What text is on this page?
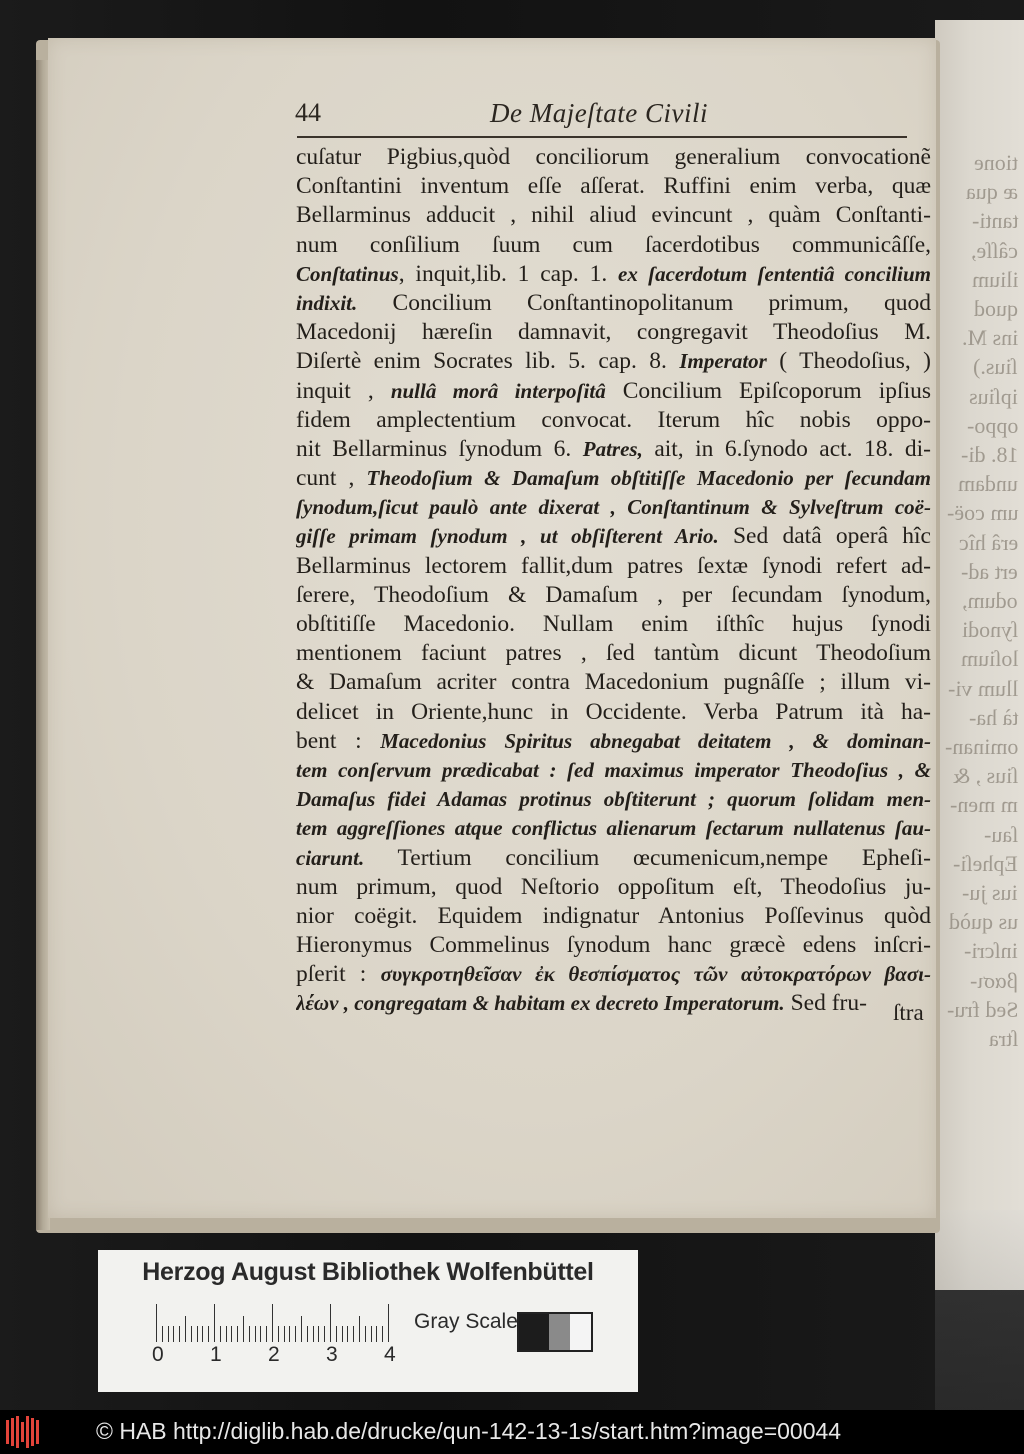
tione
æ qua
tanti-
câſſe,
ilium
quod
ins M.
ſius.)
ipſius
oppo-
18. di-
undam
um coë-
erâ hîc
ert ad-
odum,
ſynodi
loſium
llum vi-
tà ha-
ominan-
ſius , &
m men-
ſau-
Epheſi-
ius ju-
us quòd
inſcri-
βασι-
Sed fru-
ſtra
44	De Majeſtate Civili
cuſatur Pigbius,quòd conciliorum generalium convocationẽ
Conſtantini inventum eſſe aſſerat. Ruffini enim verba, quæ
Bellarminus adducit , nihil aliud evincunt , quàm Conſtanti-
num conſilium ſuum cum ſacerdotibus communicâſſe,
Conſtatinus, inquit,lib. 1 cap. 1. ex ſacerdotum ſententiâ concilium
indixit. Concilium Conſtantinopolitanum primum, quod
Macedonij hæreſin damnavit, congregavit Theodoſius M.
Diſertè enim Socrates lib. 5. cap. 8. Imperator ( Theodoſius, )
inquit , nullâ morâ interpoſitâ Concilium Epiſcoporum ipſius
fidem amplectentium convocat. Iterum hîc nobis oppo-
nit Bellarminus ſynodum 6. Patres, ait, in 6.ſynodo act. 18. di-
cunt , Theodoſium & Damaſum obſtitiſſe Macedonio per ſecundam
ſynodum,ſicut paulò ante dixerat , Conſtantinum & Sylveſtrum coë-
giſſe primam ſynodum , ut obſiſterent Ario. Sed datâ operâ hîc
Bellarminus lectorem fallit,dum patres ſextæ ſynodi refert ad-
ſerere, Theodoſium & Damaſum , per ſecundam ſynodum,
obſtitiſſe Macedonio. Nullam enim iſthîc hujus ſynodi
mentionem faciunt patres , ſed tantùm dicunt Theodoſium
& Damaſum acriter contra Macedonium pugnâſſe ; illum vi-
delicet in Oriente,hunc in Occidente. Verba Patrum ità ha-
bent : Macedonius Spiritus abnegabat deitatem , & dominan-
tem conſervum prædicabat : ſed maximus imperator Theodoſius , &
Damaſus fidei Adamas protinus obſtiterunt ; quorum ſolidam men-
tem aggreſſiones atque conflictus alienarum ſectarum nullatenus ſau-
ciarunt. Tertium concilium œcumenicum,nempe Epheſi-
num primum, quod Neſtorio oppoſitum eſt, Theodoſius ju-
nior coëgit. Equidem indignatur Antonius Poſſevinus quòd
Hieronymus Commelinus ſynodum hanc græcè edens inſcri-
pſerit : συγκροτηθεῖσαν ἐκ θεσπίσματος τῶν αὐτοκρατόρων βασι-
λέων , congregatam & habitam ex decreto Imperatorum. Sed fru-	ſtra
Herzog August Bibliothek Wolfenbüttel
0 1 2 3 4
Gray Scale
© HAB http://diglib.hab.de/drucke/qun-142-13-1s/start.htm?image=00044
